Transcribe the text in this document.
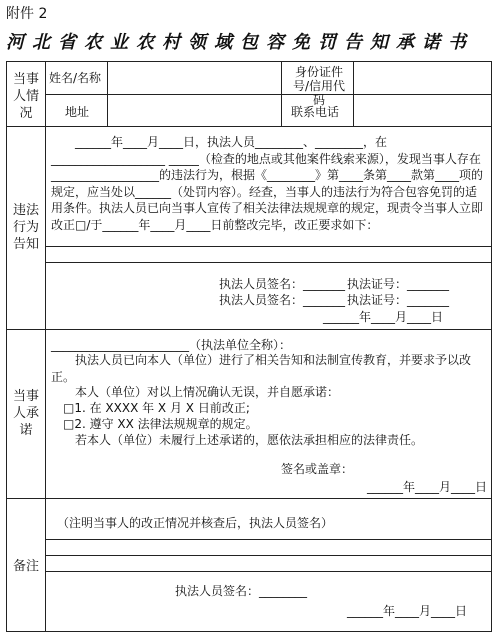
附件 2
河北省农业农村领域包容免罚告知承诺书
当事人情况
姓名/名称	身份证件号/信用代码
地址	联系电话
违法行为告知
______年____月____日，执法人员________、________，在___________________ _____（检查的地点或其他案件线索来源），发现当事人存在__________________的违法行为，根据《________》第____条第____款第____项的规定，应当处以______（处罚内容）。经查，当事人的违法行为符合包容免罚的适用条件。执法人员已向当事人宣传了相关法律法规规章的规定，现责令当事人立即改正□/于______年____月____日前整改完毕，改正要求如下：
执法人员签名：_______ 执法证号：_______
执法人员签名：_______ 执法证号：_______
______年____月____日
当事人承诺
_______________________（执法单位全称）：
执法人员已向本人（单位）进行了相关告知和法制宣传教育，并要求予以改正。
本人（单位）对以上情况确认无误，并自愿承诺：
□1. 在 XXXX 年 X 月 X 日前改正;
□2. 遵守 XX 法律法规规章的规定。
若本人（单位）未履行上述承诺的，愿依法承担相应的法律责任。
签名或盖章：
______年____月____日
备注
（注明当事人的改正情况并核查后，执法人员签名）
执法人员签名：________
______年____月____日
